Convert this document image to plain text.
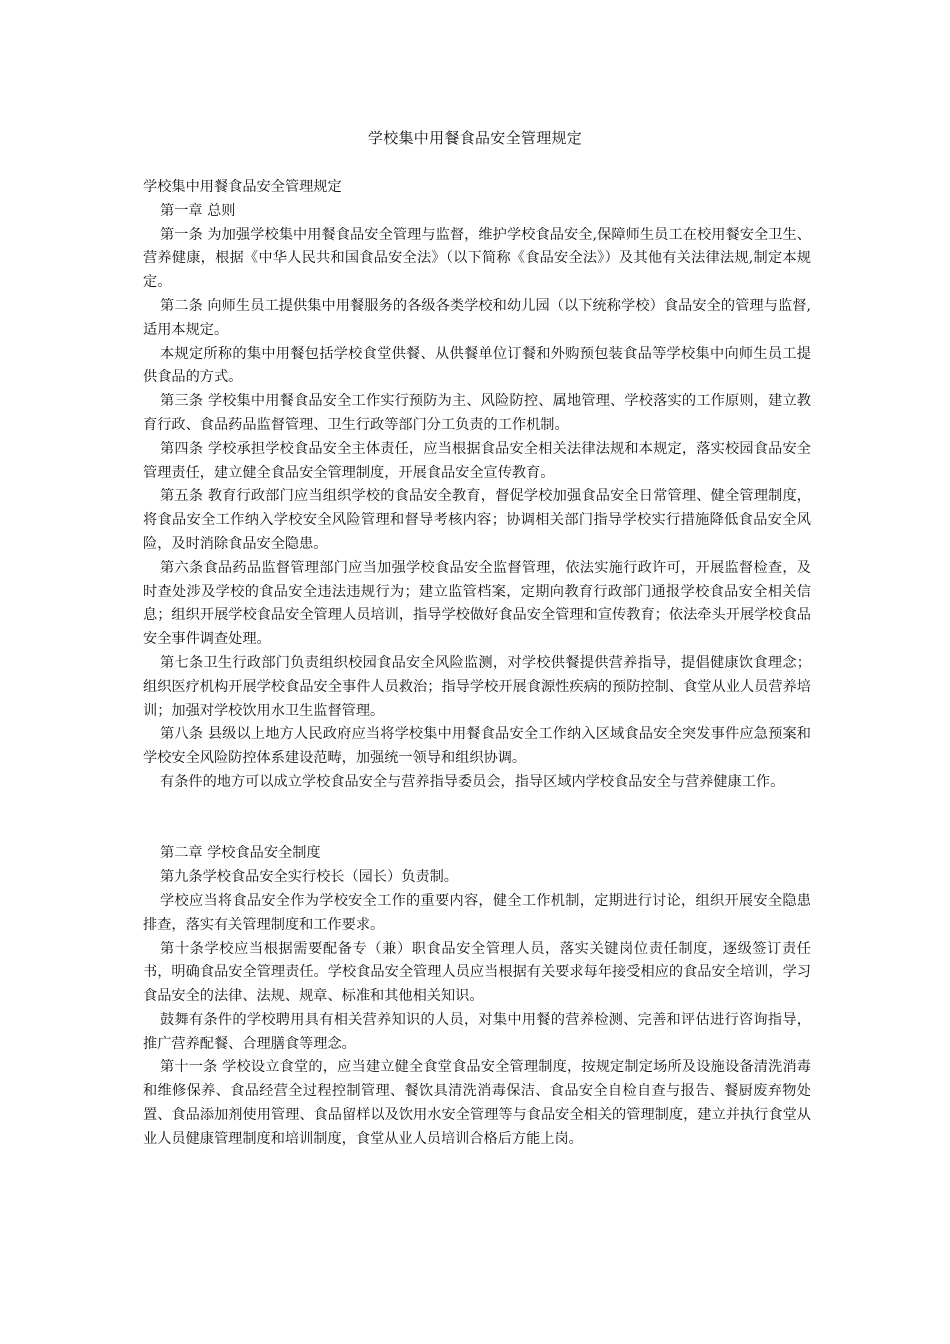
学校集中用餐食品安全管理规定

学校集中用餐食品安全管理规定

第一章 总则

第一条 为加强学校集中用餐食品安全管理与监督，维护学校食品安全,保障师生员工在校用餐安全卫生、营养健康，根据《中华人民共和国食品安全法》（以下简称《食品安全法》）及其他有关法律法规,制定本规定。

第二条 向师生员工提供集中用餐服务的各级各类学校和幼儿园（以下统称学校）食品安全的管理与监督,适用本规定。

本规定所称的集中用餐包括学校食堂供餐、从供餐单位订餐和外购预包装食品等学校集中向师生员工提供食品的方式。

第三条 学校集中用餐食品安全工作实行预防为主、风险防控、属地管理、学校落实的工作原则，建立教育行政、食品药品监督管理、卫生行政等部门分工负责的工作机制。

第四条 学校承担学校食品安全主体责任，应当根据食品安全相关法律法规和本规定，落实校园食品安全管理责任，建立健全食品安全管理制度，开展食品安全宣传教育。

第五条 教育行政部门应当组织学校的食品安全教育，督促学校加强食品安全日常管理、健全管理制度，将食品安全工作纳入学校安全风险管理和督导考核内容；协调相关部门指导学校实行措施降低食品安全风险，及时消除食品安全隐患。

第六条食品药品监督管理部门应当加强学校食品安全监督管理，依法实施行政许可，开展监督检查，及时查处涉及学校的食品安全违法违规行为；建立监管档案，定期向教育行政部门通报学校食品安全相关信息；组织开展学校食品安全管理人员培训，指导学校做好食品安全管理和宣传教育；依法牵头开展学校食品安全事件调查处理。

第七条卫生行政部门负责组织校园食品安全风险监测，对学校供餐提供营养指导，提倡健康饮食理念；组织医疗机构开展学校食品安全事件人员救治；指导学校开展食源性疾病的预防控制、食堂从业人员营养培训；加强对学校饮用水卫生监督管理。

第八条 县级以上地方人民政府应当将学校集中用餐食品安全工作纳入区域食品安全突发事件应急预案和学校安全风险防控体系建设范畴，加强统一领导和组织协调。

有条件的地方可以成立学校食品安全与营养指导委员会，指导区域内学校食品安全与营养健康工作。

第二章 学校食品安全制度

第九条学校食品安全实行校长（园长）负责制。

学校应当将食品安全作为学校安全工作的重要内容，健全工作机制，定期进行讨论，组织开展安全隐患排查，落实有关管理制度和工作要求。

第十条学校应当根据需要配备专（兼）职食品安全管理人员，落实关键岗位责任制度，逐级签订责任书，明确食品安全管理责任。学校食品安全管理人员应当根据有关要求每年接受相应的食品安全培训，学习食品安全的法律、法规、规章、标准和其他相关知识。

鼓舞有条件的学校聘用具有相关营养知识的人员，对集中用餐的营养检测、完善和评估进行咨询指导，推广营养配餐、合理膳食等理念。

第十一条 学校设立食堂的，应当建立健全食堂食品安全管理制度，按规定制定场所及设施设备清洗消毒和维修保养、食品经营全过程控制管理、餐饮具清洗消毒保洁、食品安全自检自查与报告、餐厨废弃物处置、食品添加剂使用管理、食品留样以及饮用水安全管理等与食品安全相关的管理制度，建立并执行食堂从业人员健康管理制度和培训制度，食堂从业人员培训合格后方能上岗。
